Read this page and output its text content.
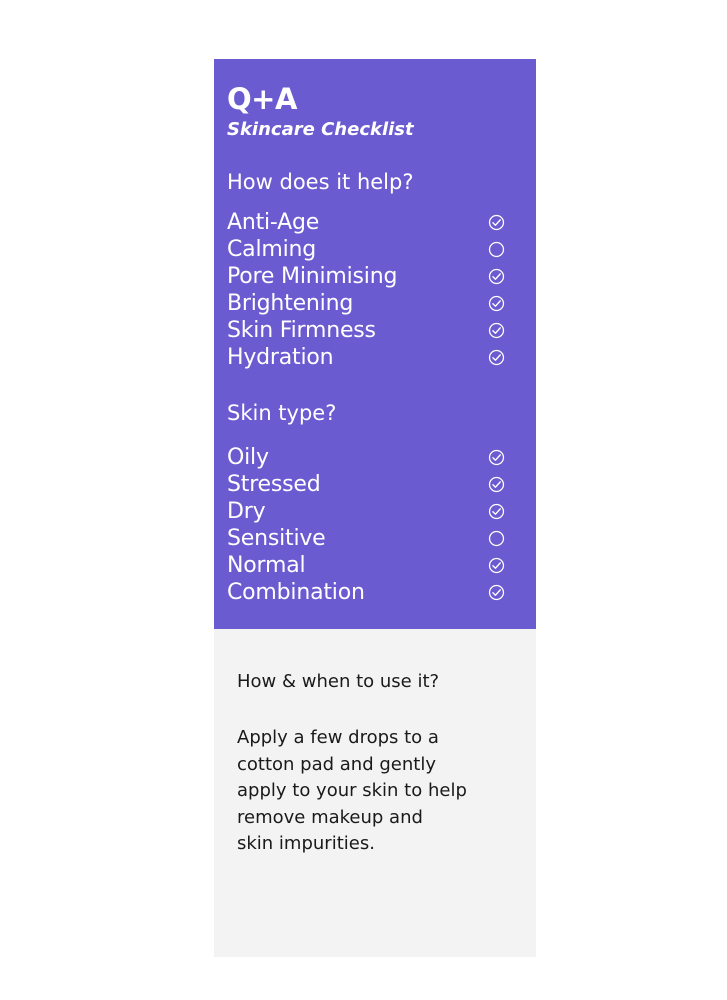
Q+A
Skincare Checklist
How does it help?
Anti-Age
Calming
Pore Minimising
Brightening
Skin Firmness
Hydration
Skin type?
Oily
Stressed
Dry
Sensitive
Normal
Combination
How & when to use it?
Apply a few drops to a
cotton pad and gently
apply to your skin to help
remove makeup and
skin impurities.
